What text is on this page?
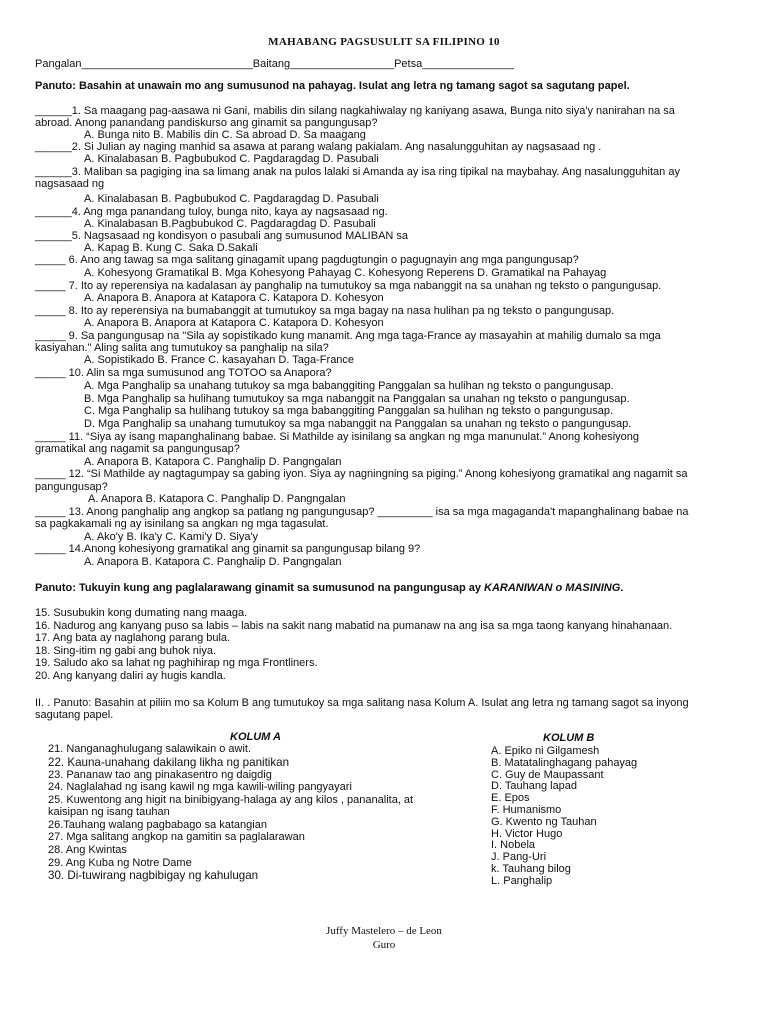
MAHABANG PAGSUSULIT SA FILIPINO 10
Pangalan____________________________Baitang_________________Petsa_______________
Panuto: Basahin at unawain mo ang sumusunod na pahayag. Isulat ang letra ng tamang sagot sa sagutang papel.
______1. Sa maagang pag-aasawa ni Gani, mabilis din silang nagkahiwalay ng kaniyang asawa, Bunga nito siya'y nanirahan na sa
abroad. Anong panandang pandiskurso ang ginamit sa pangungusap?
A. Bunga nito B. Mabilis din C. Sa abroad D. Sa maagang
______2. Si Julian ay naging manhid sa asawa at parang walang pakialam. Ang nasalungguhitan ay nagsasaad ng .
A. Kinalabasan B. Pagbubukod C. Pagdaragdag D. Pasubali
______3. Maliban sa pagiging ina sa limang anak na pulos lalaki si Amanda ay isa ring tipikal na maybahay. Ang nasalungguhitan ay
nagsasaad ng
A. Kinalabasan B. Pagbubukod C. Pagdaragdag D. Pasubali
______4. Ang mga panandang tuloy, bunga nito, kaya ay nagsasaad ng.
A. Kinalabasan B.Pagbubukod C. Pagdaragdag D. Pasubali
______5. Nagsasaad ng kondisyon o pasubali ang sumusunod MALIBAN sa
A. Kapag B. Kung C. Saka D.Sakali
_____ 6. Ano ang tawag sa mga salitang ginagamit upang pagdugtungin o pagugnayin ang mga pangungusap?
A. Kohesyong Gramatikal B. Mga Kohesyong Pahayag C. Kohesyong Reperens D. Gramatikal na Pahayag
_____ 7. Ito ay reperensiya na kadalasan ay panghalip na tumutukoy sa mga nabanggit na sa unahan ng teksto o pangungusap.
A. Anapora B. Anapora at Katapora C. Katapora D. Kohesyon
_____ 8. Ito ay reperensiya na bumabanggit at tumutukoy sa mga bagay na nasa hulihan pa ng teksto o pangungusap.
A. Anapora B. Anapora at Katapora C. Katapora D. Kohesyon
_____ 9. Sa pangungusap na "Sila ay sopistikado kung manamit. Ang mga taga-France ay masayahin at mahilig dumalo sa mga
kasiyahan." Aling salita ang tumutukoy sa panghalip na sila?
A. Sopistikado B. France C. kasayahan D. Taga-France
_____ 10. Alin sa mga sumusunod ang TOTOO sa Anapora?
A. Mga Panghalip sa unahang tutukoy sa mga babanggiting Panggalan sa hulihan ng teksto o pangungusap.
B. Mga Panghalip sa hulihang tumutukoy sa mga nabanggit na Panggalan sa unahan ng teksto o pangungusap.
C. Mga Panghalip sa hulihang tutukoy sa mga babanggiting Panggalan sa hulihan ng teksto o pangungusap.
D. Mga Panghalip sa unahang tumutukoy sa mga nabanggit na Panggalan sa unahan ng teksto o pangungusap.
_____ 11. “Siya ay isang mapanghalinang babae. Si Mathilde ay isinilang sa angkan ng mga manunulat.” Anong kohesiyong
gramatikal ang nagamit sa pangungusap?
A. Anapora B. Katapora C. Panghalip D. Pangngalan
_____ 12. “Si Mathilde ay nagtagumpay sa gabing iyon. Siya ay nagningning sa piging.” Anong kohesiyong gramatikal ang nagamit sa
pangungusap?
A. Anapora B. Katapora C. Panghalip D. Pangngalan
_____ 13. Anong panghalip ang angkop sa patlang ng pangungusap? _________ isa sa mga magaganda't mapanghalinang babae na
sa pagkakamali ng ay isinilang sa angkan ng mga tagasulat.
A. Ako'y B. Ika'y C. Kami'y D. Siya'y
_____ 14.Anong kohesiyong gramatikal ang ginamit sa pangungusap bilang 9?
A. Anapora B. Katapora C. Panghalip D. Pangngalan
Panuto: Tukuyin kung ang paglalarawang ginamit sa sumusunod na pangungusap ay KARANIWAN o MASINING.
15. Susubukin kong dumating nang maaga.
16. Nadurog ang kanyang puso sa labis – labis na sakit nang mabatid na pumanaw na ang isa sa mga taong kanyang hinahanaan.
17. Ang bata ay naglahong parang bula.
18. Sing-itim ng gabi ang buhok niya.
19. Saludo ako sa lahat ng paghihirap ng mga Frontliners.
20. Ang kanyang daliri ay hugis kandla.
II. . Panuto: Basahin at piliin mo sa Kolum B ang tumutukoy sa mga salitang nasa Kolum A. Isulat ang letra ng tamang sagot sa inyong
sagutang papel.
KOLUM A	KOLUM B
21. Nanganaghulugang salawikain o awit.
22. Kauna-unahang dakilang likha ng panitikan
23. Pananaw tao ang pinakasentro ng daigdig
24. Naglalahad ng isang kawil ng mga kawili-wiling pangyayari
25. Kuwentong ang higit na binibigyang-halaga ay ang kilos , pananalita, at
kaisipan ng isang tauhan
26.Tauhang walang pagbabago sa katangian
27. Mga salitang angkop na gamitin sa paglalarawan
28. Ang Kwintas
29. Ang Kuba ng Notre Dame
30. Di-tuwirang nagbibigay ng kahulugan
A. Epiko ni Gilgamesh
B. Matatalinghagang pahayag
C. Guy de Maupassant
D. Tauhang lapad
E. Epos
F. Humanismo
G. Kwento ng Tauhan
H. Victor Hugo
I. Nobela
J. Pang-Uri
k. Tauhang bilog
L. Panghalip
Juffy Mastelero – de Leon
Guro
